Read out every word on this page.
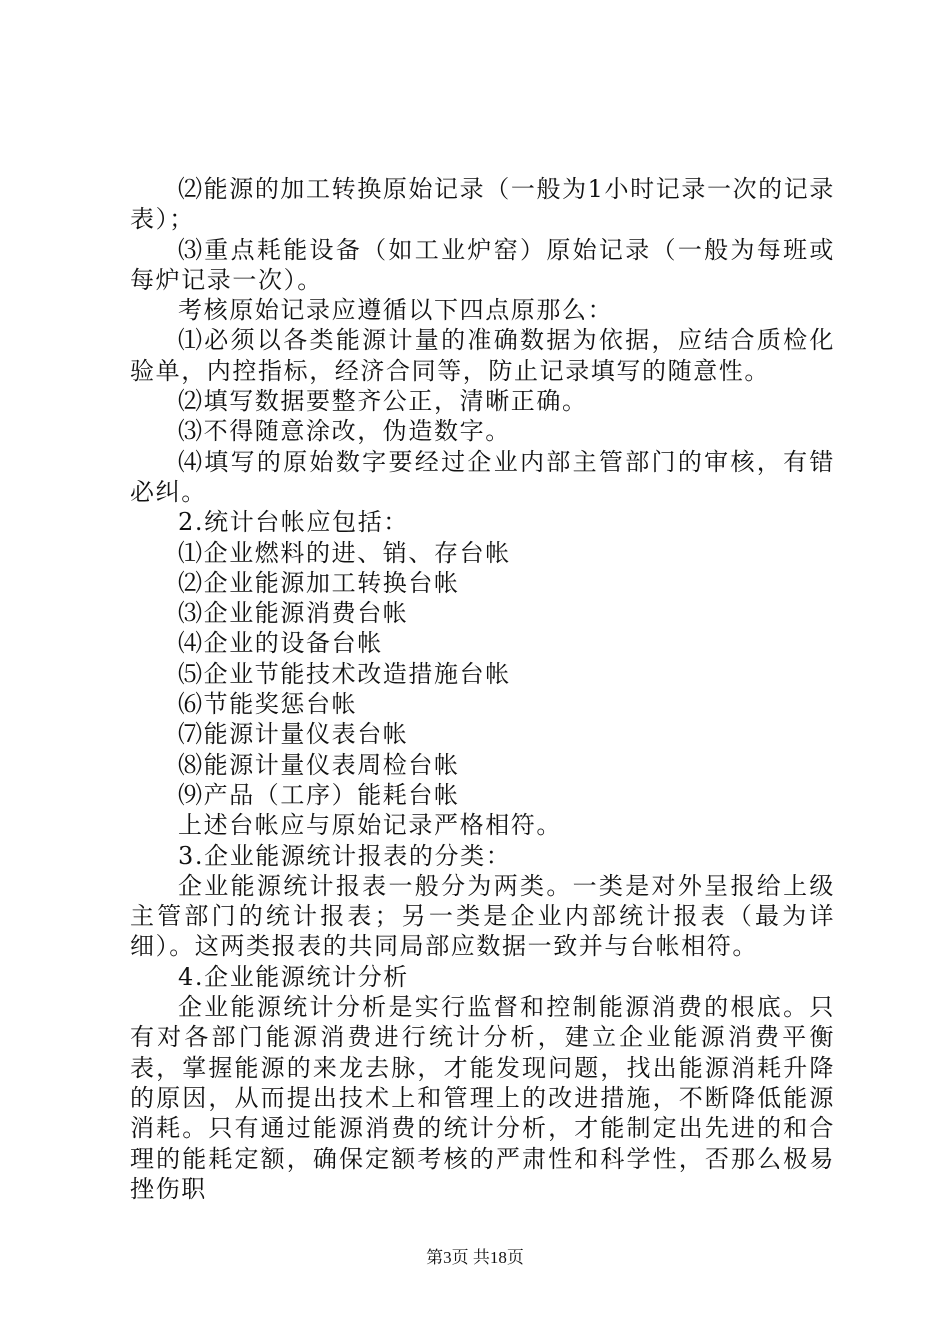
⑵能源的加工转换原始记录（一般为1小时记录一次的记录表）；

⑶重点耗能设备（如工业炉窑）原始记录（一般为每班或每炉记录一次）。

考核原始记录应遵循以下四点原那么：

⑴必须以各类能源计量的准确数据为依据，应结合质检化验单，内控指标，经济合同等，防止记录填写的随意性。

⑵填写数据要整齐公正，清晰正确。

⑶不得随意涂改，伪造数字。

⑷填写的原始数字要经过企业内部主管部门的审核，有错必纠。

2.统计台帐应包括：

⑴企业燃料的进、销、存台帐

⑵企业能源加工转换台帐

⑶企业能源消费台帐

⑷企业的设备台帐

⑸企业节能技术改造措施台帐

⑹节能奖惩台帐

⑺能源计量仪表台帐

⑻能源计量仪表周检台帐

⑼产品（工序）能耗台帐

上述台帐应与原始记录严格相符。

3.企业能源统计报表的分类：

企业能源统计报表一般分为两类。一类是对外呈报给上级主管部门的统计报表；另一类是企业内部统计报表（最为详细）。这两类报表的共同局部应数据一致并与台帐相符。

4.企业能源统计分析

企业能源统计分析是实行监督和控制能源消费的根底。只有对各部门能源消费进行统计分析，建立企业能源消费平衡表，掌握能源的来龙去脉，才能发现问题，找出能源消耗升降的原因，从而提出技术上和管理上的改进措施，不断降低能源消耗。只有通过能源消费的统计分析，才能制定出先进的和合理的能耗定额，确保定额考核的严肃性和科学性，否那么极易挫伤职

第3页 共18页
